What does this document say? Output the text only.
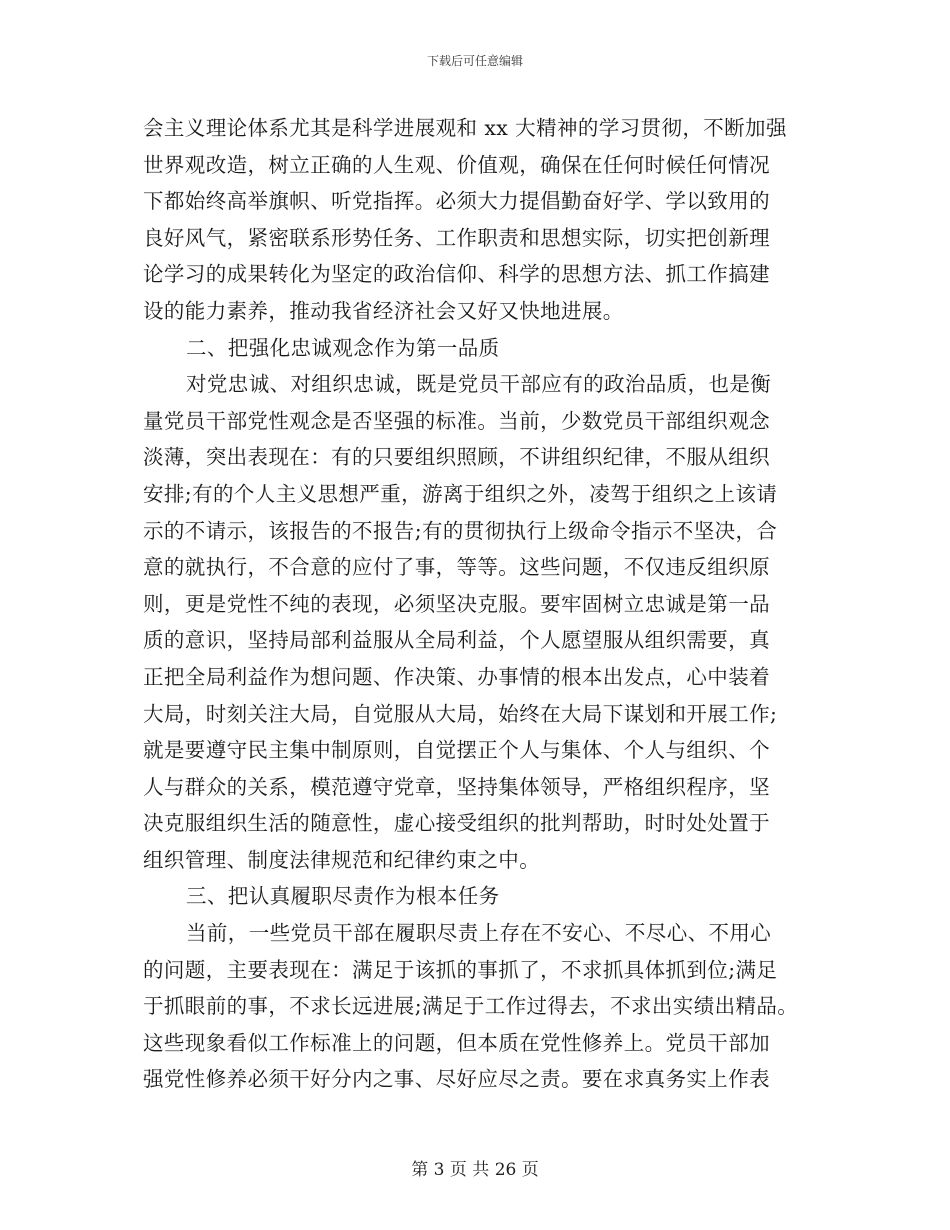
下载后可任意编辑
会主义理论体系尤其是科学进展观和 xx 大精神的学习贯彻，不断加强
世界观改造，树立正确的人生观、价值观，确保在任何时候任何情况
下都始终高举旗帜、听党指挥。必须大力提倡勤奋好学、学以致用的
良好风气，紧密联系形势任务、工作职责和思想实际，切实把创新理
论学习的成果转化为坚定的政治信仰、科学的思想方法、抓工作搞建
设的能力素养，推动我省经济社会又好又快地进展。
二、把强化忠诚观念作为第一品质
对党忠诚、对组织忠诚，既是党员干部应有的政治品质，也是衡
量党员干部党性观念是否坚强的标准。当前，少数党员干部组织观念
淡薄，突出表现在：有的只要组织照顾，不讲组织纪律，不服从组织
安排;有的个人主义思想严重，游离于组织之外，凌驾于组织之上该请
示的不请示，该报告的不报告;有的贯彻执行上级命令指示不坚决，合
意的就执行，不合意的应付了事，等等。这些问题，不仅违反组织原
则，更是党性不纯的表现，必须坚决克服。要牢固树立忠诚是第一品
质的意识，坚持局部利益服从全局利益，个人愿望服从组织需要，真
正把全局利益作为想问题、作决策、办事情的根本出发点，心中装着
大局，时刻关注大局，自觉服从大局，始终在大局下谋划和开展工作;
就是要遵守民主集中制原则，自觉摆正个人与集体、个人与组织、个
人与群众的关系，模范遵守党章，坚持集体领导，严格组织程序，坚
决克服组织生活的随意性，虚心接受组织的批判帮助，时时处处置于
组织管理、制度法律规范和纪律约束之中。
三、把认真履职尽责作为根本任务
当前，一些党员干部在履职尽责上存在不安心、不尽心、不用心
的问题，主要表现在：满足于该抓的事抓了，不求抓具体抓到位;满足
于抓眼前的事，不求长远进展;满足于工作过得去，不求出实绩出精品。
这些现象看似工作标准上的问题，但本质在党性修养上。党员干部加
强党性修养必须干好分内之事、尽好应尽之责。要在求真务实上作表
第 3 页 共 26 页
